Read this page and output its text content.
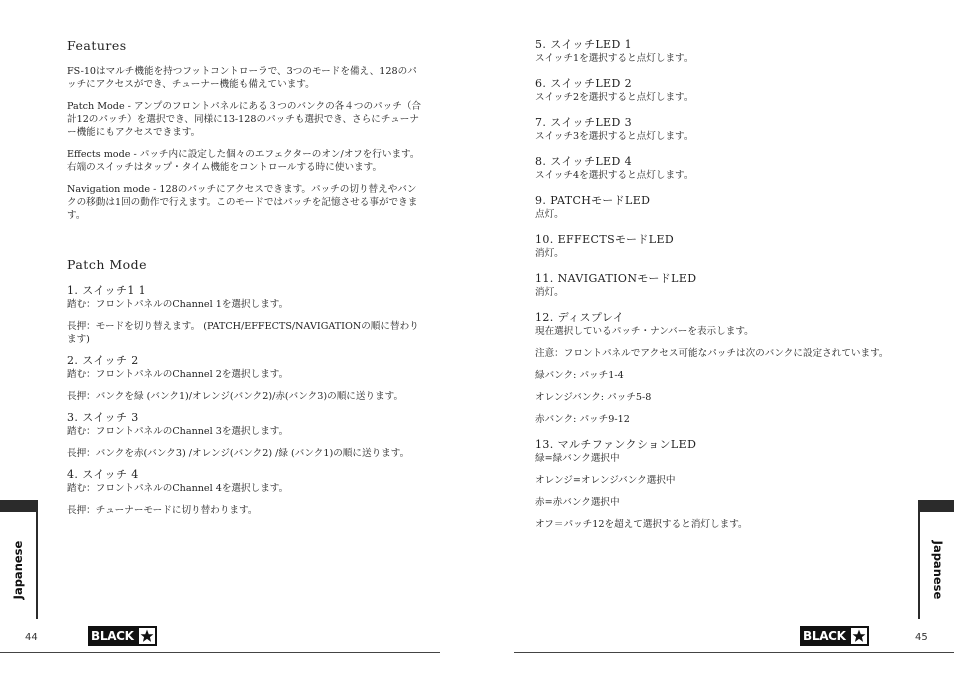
Features
FS-10はマルチ機能を持つフットコントローラで、3つのモードを備え、128のパッチにアクセスができ、チューナー機能も備えています。
Patch Mode - アンプのフロントパネルにある３つのバンクの各４つのパッチ（合計12のパッチ）を選択でき、同様に13-128のパッチも選択でき、さらにチューナー機能にもアクセスできます。
Effects mode - パッチ内に設定した個々のエフェクターのオン/オフを行います。右端のスイッチはタップ・タイム機能をコントロールする時に使います。
Navigation mode - 128のパッチにアクセスできます。パッチの切り替えやバンクの移動は1回の動作で行えます。このモードではパッチを記憶させる事ができます。
Patch Mode
1. スイッチ1 1
踏む：フロントパネルのChannel 1を選択します。
長押：モードを切り替えます。 (PATCH/EFFECTS/NAVIGATIONの順に替わります)
2. スイッチ 2
踏む：フロントパネルのChannel 2を選択します。
長押：バンクを緑 (バンク1)/オレンジ(バンク2)/赤(バンク3)の順に送ります。
3. スイッチ 3
踏む：フロントパネルのChannel 3を選択します。
長押：バンクを赤(バンク3) /オレンジ(バンク2) /緑 (バンク1)の順に送ります。
4. スイッチ 4
踏む：フロントパネルのChannel 4を選択します。
長押：チューナーモードに切り替わります。
5. スイッチLED 1
スイッチ1を選択すると点灯します。
6. スイッチLED 2
スイッチ2を選択すると点灯します。
7. スイッチLED 3
スイッチ3を選択すると点灯します。
8. スイッチLED 4
スイッチ4を選択すると点灯します。
9. PATCHモードLED
点灯。
10. EFFECTSモードLED
消灯。
11. NAVIGATIONモードLED
消灯。
12. ディスプレイ
現在選択しているパッチ・ナンバーを表示します。
注意：フロントパネルでアクセス可能なパッチは次のバンクに設定されています。
緑バンク: パッチ1-4
オレンジバンク: パッチ5-8
赤バンク: パッチ9-12
13. マルチファンクションLED
緑=緑バンク選択中
オレンジ=オレンジバンク選択中
赤=赤バンク選択中
オフ＝パッチ12を超えて選択すると消灯します。
Japanese	Japanese
44	45
BLACK	BLACK
